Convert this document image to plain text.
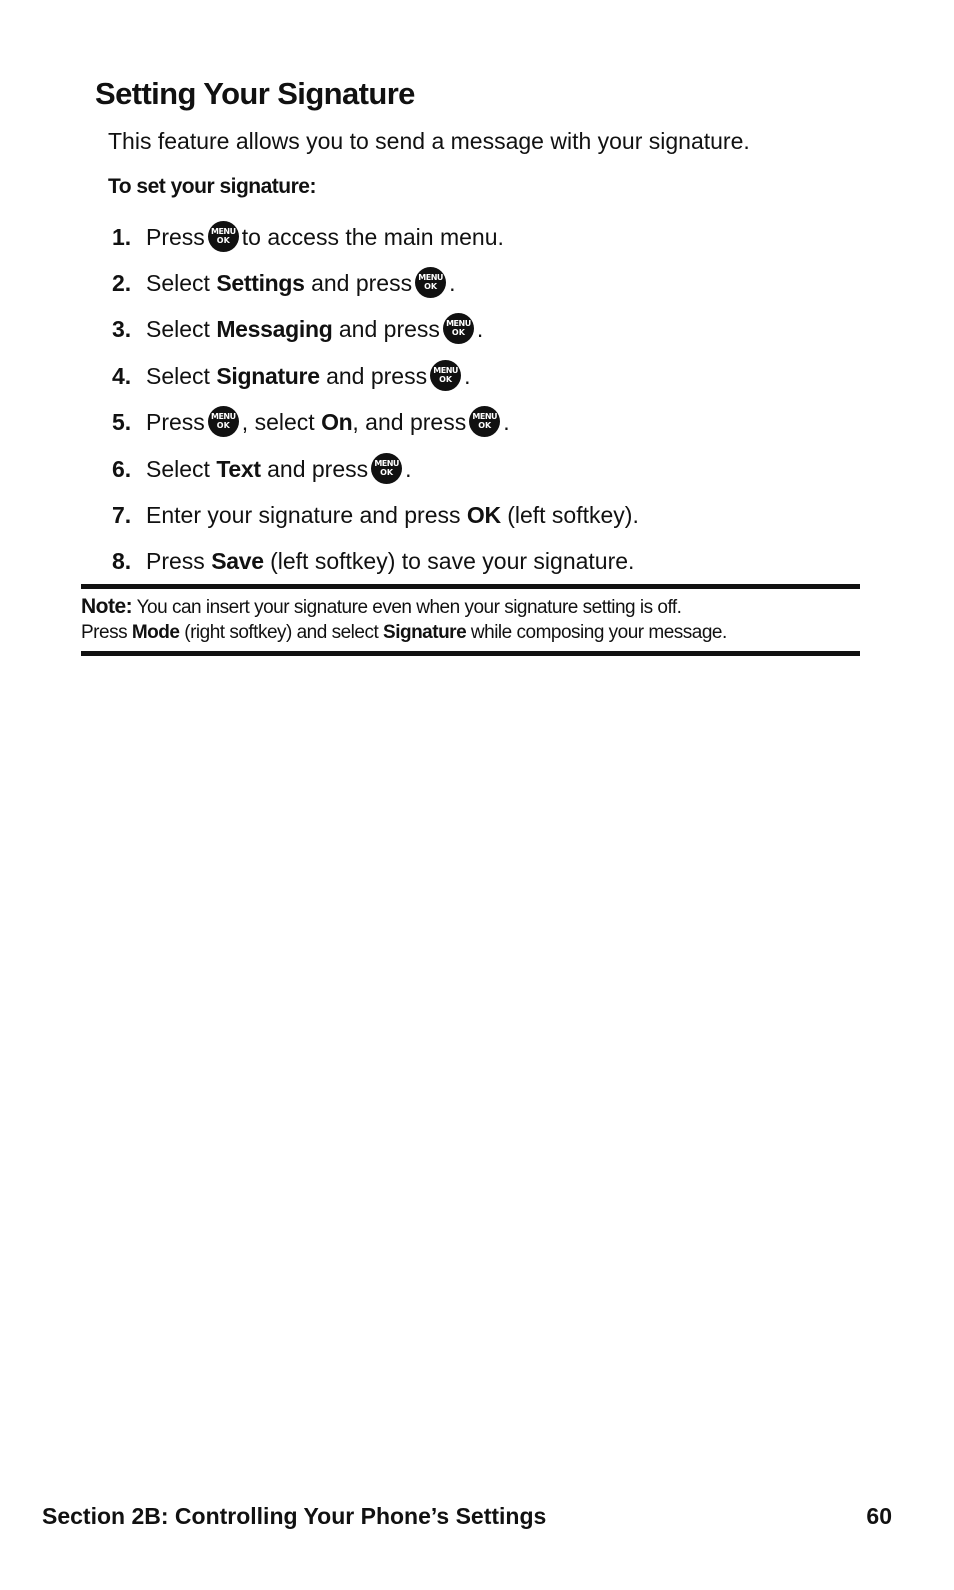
Setting Your Signature

This feature allows you to send a message with your signature.

To set your signature:

1. Press MENU
OK to access the main menu.
2. Select
Settings
and press MENU
OK .
3. Select
Messaging
and press MENU
OK .
4. Select
Signature
and press MENU
OK .
5. Press MENU
OK , select
On , and press MENU
OK .
6. Select
Text
and press MENU
OK .
7. Enter your signature and press
OK
(left softkey).
8. Press
Save
(left softkey) to save your signature.
Note: You can insert your signature even when your signature setting is off.
Press Mode (right softkey) and select Signature while composing your message.

Section 2B: Controlling Your Phone’s Settings	60
